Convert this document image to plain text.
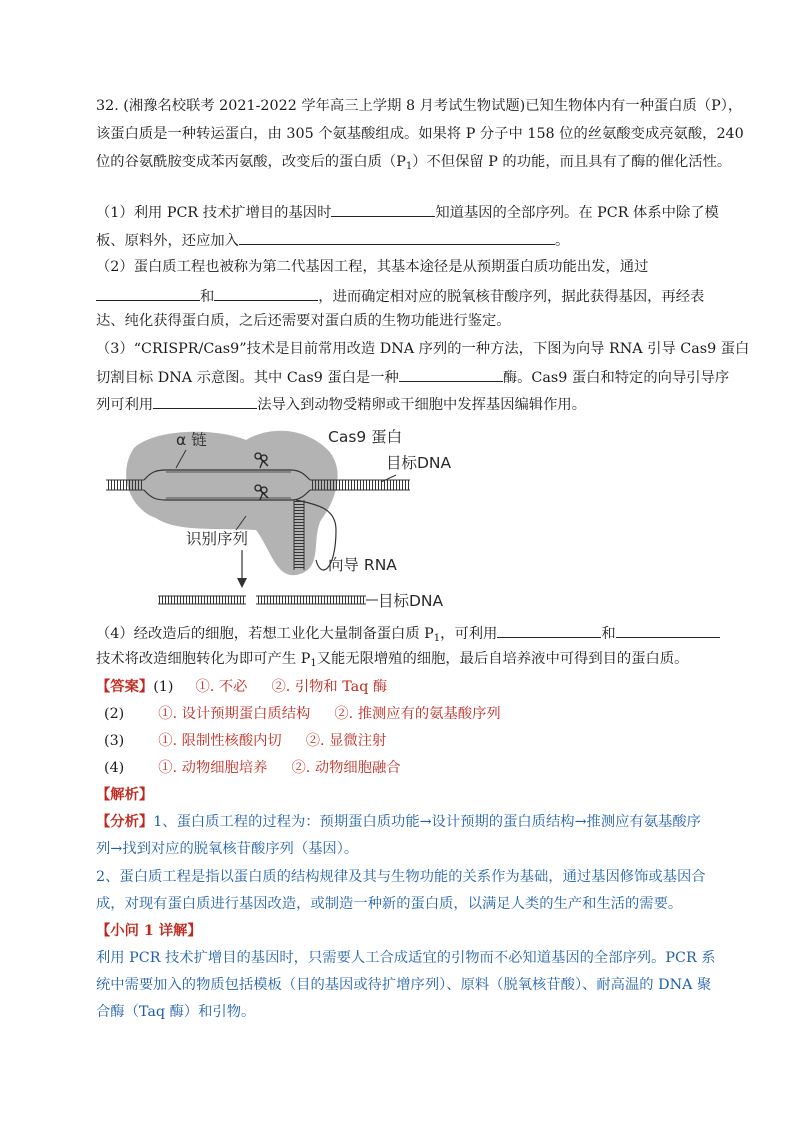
32. (湘豫名校联考 2021-2022 学年高三上学期 8 月考试生物试题)已知生物体内有一种蛋白质（P），
该蛋白质是一种转运蛋白，由 305 个氨基酸组成。如果将 P 分子中 158 位的丝氨酸变成亮氨酸，240
位的谷氨酰胺变成苯丙氨酸，改变后的蛋白质$(P_1)$不但保留 P 的功能，而且具有了酶的催化活性。
（1）利用 PCR 技术扩增目的基因时	知道基因的全部序列。在 PCR 体系中除了模
板、原料外，还应加入	。
（2）蛋白质工程也被称为第二代基因工程，其基本途径是从预期蛋白质功能出发，通过
和	，进而确定相对应的脱氧核苷酸序列，据此获得基因，再经表
达、纯化获得蛋白质，之后还需要对蛋白质的生物功能进行鉴定。
（3）“CRISPR/Cas9”技术是目前常用改造 DNA 序列的一种方法，下图为向导 RNA 引导 Cas9 蛋白
切割目标 DNA 示意图。其中 Cas9 蛋白是一种	酶。Cas9 蛋白和特定的向导引导序
列可利用	法导入到动物受精卵或干细胞中发挥基因编辑作用。
α 链	Cas9 蛋白
目标DNA
识别序列
向导 RNA
目标DNA
（4）经改造后的细胞，若想工业化大量制备蛋白质 $P_1$，可利用	和
技术将改造细胞转化为即可产生 $P_1$又能无限增殖的细胞，最后自培养液中可得到目的蛋白质。
【答案】(1) ①. 不必 ②. 引物和 Taq 酶
(2) ①. 设计预期蛋白质结构 ②. 推测应有的氨基酸序列
(3) ①. 限制性核酸内切 ②. 显微注射
(4) ①. 动物细胞培养 ②. 动物细胞融合
【解析】
【分析】1、蛋白质工程的过程为：预期蛋白质功能→设计预期的蛋白质结构→推测应有氨基酸序
列→找到对应的脱氧核苷酸序列（基因）。
2、蛋白质工程是指以蛋白质的结构规律及其与生物功能的关系作为基础，通过基因修饰或基因合
成，对现有蛋白质进行基因改造，或制造一种新的蛋白质，以满足人类的生产和生活的需要。
【小问 1 详解】
利用 PCR 技术扩增目的基因时，只需要人工合成适宜的引物而不必知道基因的全部序列。PCR 系
统中需要加入的物质包括模板（目的基因或待扩增序列）、原料（脱氧核苷酸）、耐高温的 DNA 聚
合酶（Taq 酶）和引物。
